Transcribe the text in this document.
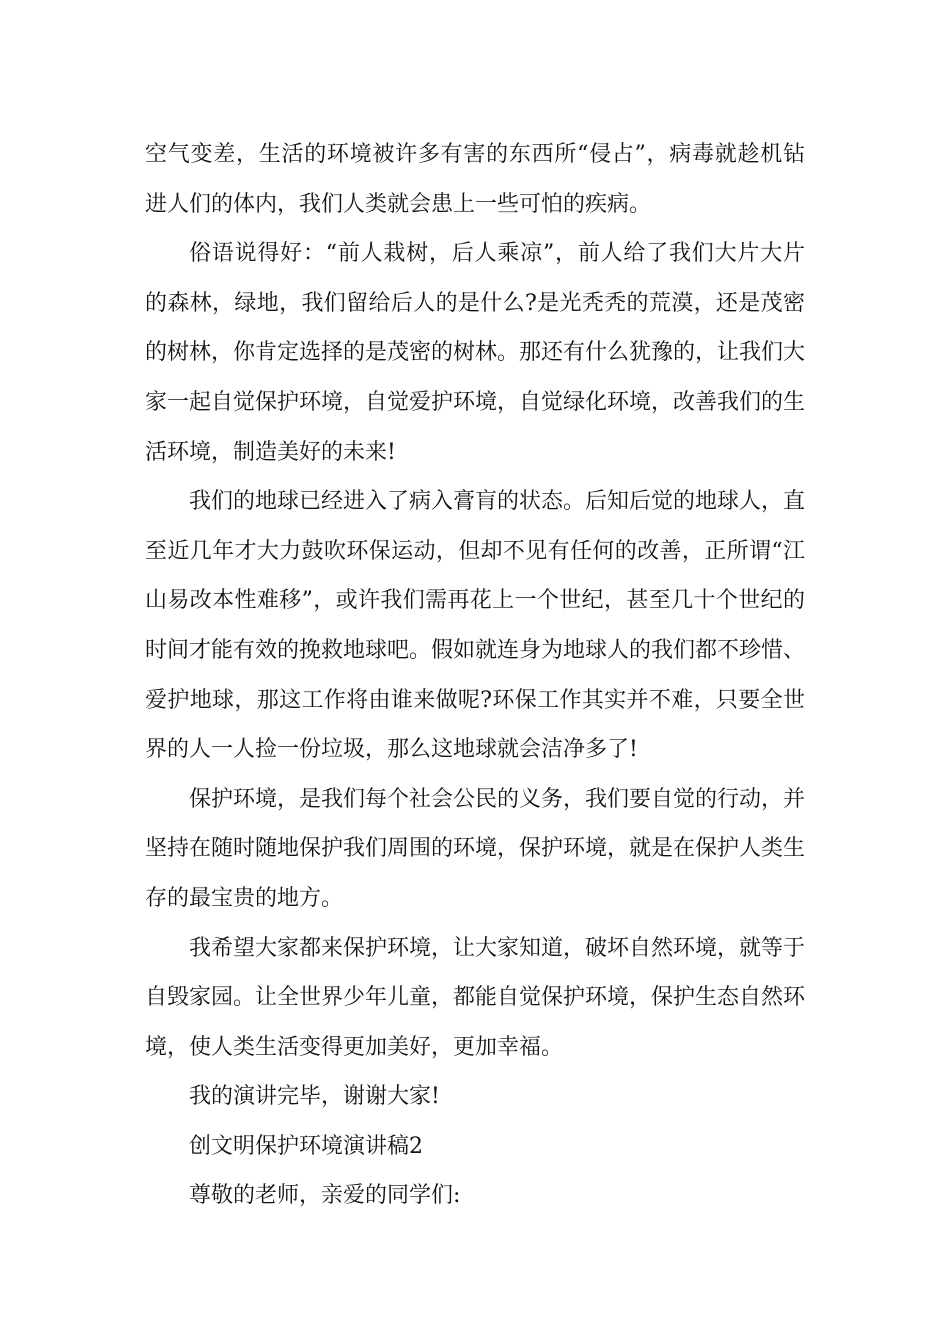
空气变差，生活的环境被许多有害的东西所“侵占”，病毒就趁机钻进人们的体内，我们人类就会患上一些可怕的疾病。

俗语说得好：“前人栽树，后人乘凉”，前人给了我们大片大片的森林，绿地，我们留给后人的是什么?是光秃秃的荒漠，还是茂密的树林，你肯定选择的是茂密的树林。那还有什么犹豫的，让我们大家一起自觉保护环境，自觉爱护环境，自觉绿化环境，改善我们的生活环境，制造美好的未来!

我们的地球已经进入了病入膏肓的状态。后知后觉的地球人，直至近几年才大力鼓吹环保运动，但却不见有任何的改善，正所谓“江山易改本性难移”，或许我们需再花上一个世纪，甚至几十个世纪的时间才能有效的挽救地球吧。假如就连身为地球人的我们都不珍惜、爱护地球，那这工作将由谁来做呢?环保工作其实并不难，只要全世界的人一人捡一份垃圾，那么这地球就会洁净多了!

保护环境，是我们每个社会公民的义务，我们要自觉的行动，并坚持在随时随地保护我们周围的环境，保护环境，就是在保护人类生存的最宝贵的地方。

我希望大家都来保护环境，让大家知道，破坏自然环境，就等于自毁家园。让全世界少年儿童，都能自觉保护环境，保护生态自然环境，使人类生活变得更加美好，更加幸福。

我的演讲完毕，谢谢大家!

创文明保护环境演讲稿2

尊敬的老师，亲爱的同学们:
